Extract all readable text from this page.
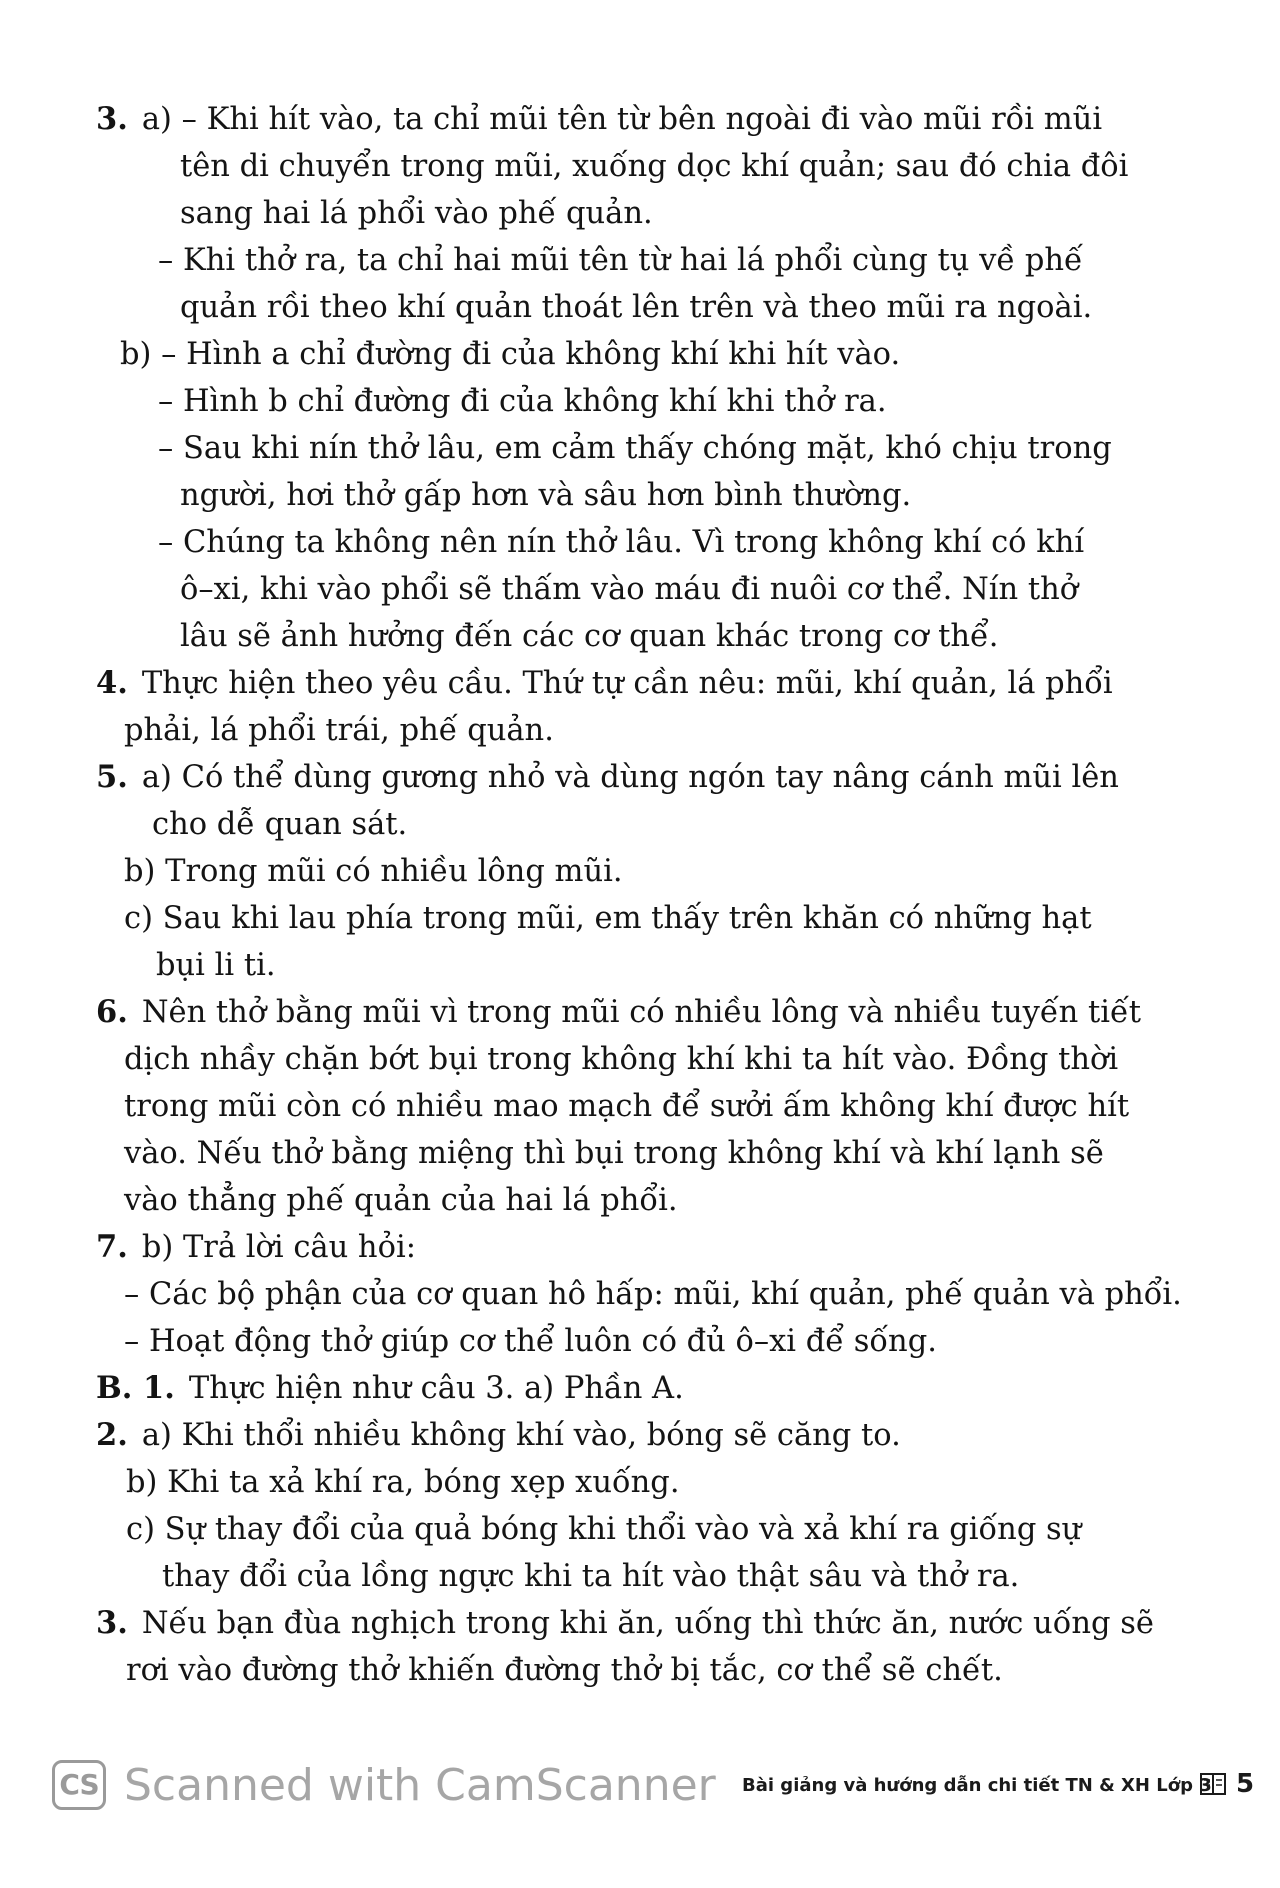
3. a) – Khi hít vào, ta chỉ mũi tên từ bên ngoài đi vào mũi rồi mũi
tên di chuyển trong mũi, xuống dọc khí quản; sau đó chia đôi
sang hai lá phổi vào phế quản.
– Khi thở ra, ta chỉ hai mũi tên từ hai lá phổi cùng tụ về phế
quản rồi theo khí quản thoát lên trên và theo mũi ra ngoài.
b) – Hình a chỉ đường đi của không khí khi hít vào.
– Hình b chỉ đường đi của không khí khi thở ra.
– Sau khi nín thở lâu, em cảm thấy chóng mặt, khó chịu trong
người, hơi thở gấp hơn và sâu hơn bình thường.
– Chúng ta không nên nín thở lâu. Vì trong không khí có khí
ô–xi, khi vào phổi sẽ thấm vào máu đi nuôi cơ thể. Nín thở
lâu sẽ ảnh hưởng đến các cơ quan khác trong cơ thể.
4. Thực hiện theo yêu cầu. Thứ tự cần nêu: mũi, khí quản, lá phổi
phải, lá phổi trái, phế quản.
5. a) Có thể dùng gương nhỏ và dùng ngón tay nâng cánh mũi lên
cho dễ quan sát.
b) Trong mũi có nhiều lông mũi.
c) Sau khi lau phía trong mũi, em thấy trên khăn có những hạt
bụi li ti.
6. Nên thở bằng mũi vì trong mũi có nhiều lông và nhiều tuyến tiết
dịch nhầy chặn bớt bụi trong không khí khi ta hít vào. Đồng thời
trong mũi còn có nhiều mao mạch để sưởi ấm không khí được hít
vào. Nếu thở bằng miệng thì bụi trong không khí và khí lạnh sẽ
vào thẳng phế quản của hai lá phổi.
7. b) Trả lời câu hỏi:
– Các bộ phận của cơ quan hô hấp: mũi, khí quản, phế quản và phổi.
– Hoạt động thở giúp cơ thể luôn có đủ ô–xi để sống.
B. 1. Thực hiện như câu 3. a) Phần A.
2. a) Khi thổi nhiều không khí vào, bóng sẽ căng to.
b) Khi ta xả khí ra, bóng xẹp xuống.
c) Sự thay đổi của quả bóng khi thổi vào và xả khí ra giống sự
thay đổi của lồng ngực khi ta hít vào thật sâu và thở ra.
3. Nếu bạn đùa nghịch trong khi ăn, uống thì thức ăn, nước uống sẽ
rơi vào đường thở khiến đường thở bị tắc, cơ thể sẽ chết.
CS Scanned with CamScanner Bài giảng và hướng dẫn chi tiết TN & XH Lớp 3 5
